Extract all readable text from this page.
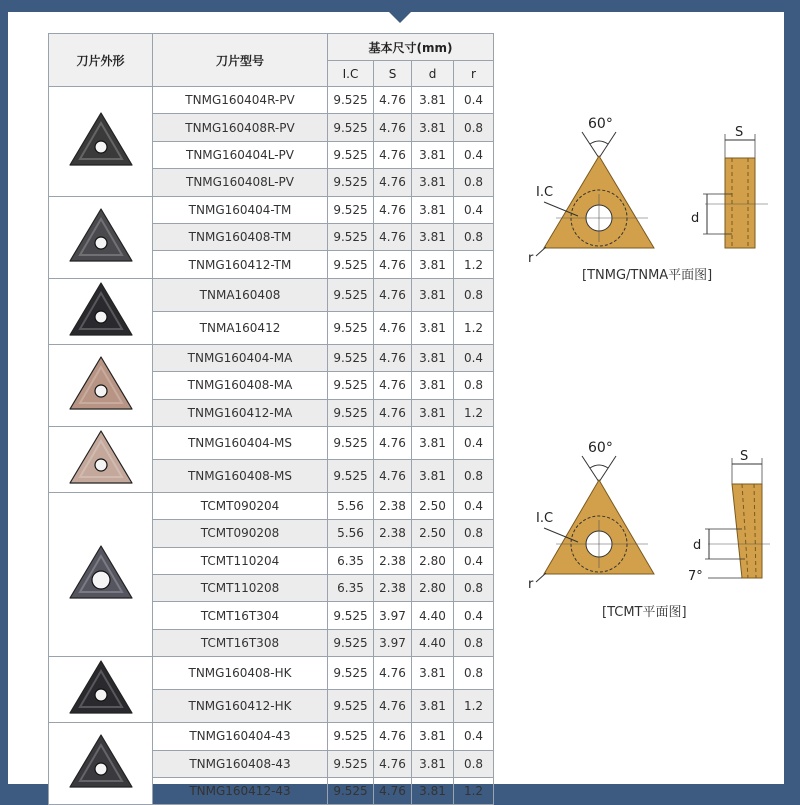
刀片外形	刀片型号	基本尺寸(mm)			
		I.C	S	d	r
	TNMG160404R-PV	9.525	4.76	3.81	0.4
	TNMG160408R-PV	9.525	4.76	3.81	0.8
	TNMG160404L-PV	9.525	4.76	3.81	0.4
	TNMG160408L-PV	9.525	4.76	3.81	0.8
	TNMG160404-TM	9.525	4.76	3.81	0.4
	TNMG160408-TM	9.525	4.76	3.81	0.8
	TNMG160412-TM	9.525	4.76	3.81	1.2
	TNMA160408	9.525	4.76	3.81	0.8
	TNMA160412	9.525	4.76	3.81	1.2
	TNMG160404-MA	9.525	4.76	3.81	0.4
	TNMG160408-MA	9.525	4.76	3.81	0.8
	TNMG160412-MA	9.525	4.76	3.81	1.2
	TNMG160404-MS	9.525	4.76	3.81	0.4
	TNMG160408-MS	9.525	4.76	3.81	0.8
	TCMT090204	5.56	2.38	2.50	0.4
	TCMT090208	5.56	2.38	2.50	0.8
	TCMT110204	6.35	2.38	2.80	0.4
	TCMT110208	6.35	2.38	2.80	0.8
	TCMT16T304	9.525	3.97	4.40	0.4
	TCMT16T308	9.525	3.97	4.40	0.8
	TNMG160408-HK	9.525	4.76	3.81	0.8
	TNMG160412-HK	9.525	4.76	3.81	1.2
	TNMG160404-43	9.525	4.76	3.81	0.4
	TNMG160408-43	9.525	4.76	3.81	0.8
	TNMG160412-43	9.525	4.76	3.81	1.2
60°
I.C
r
S
d
[TNMG/TNMA平面图]
60°
I.C
r
S
d
7°
[TCMT平面图]
